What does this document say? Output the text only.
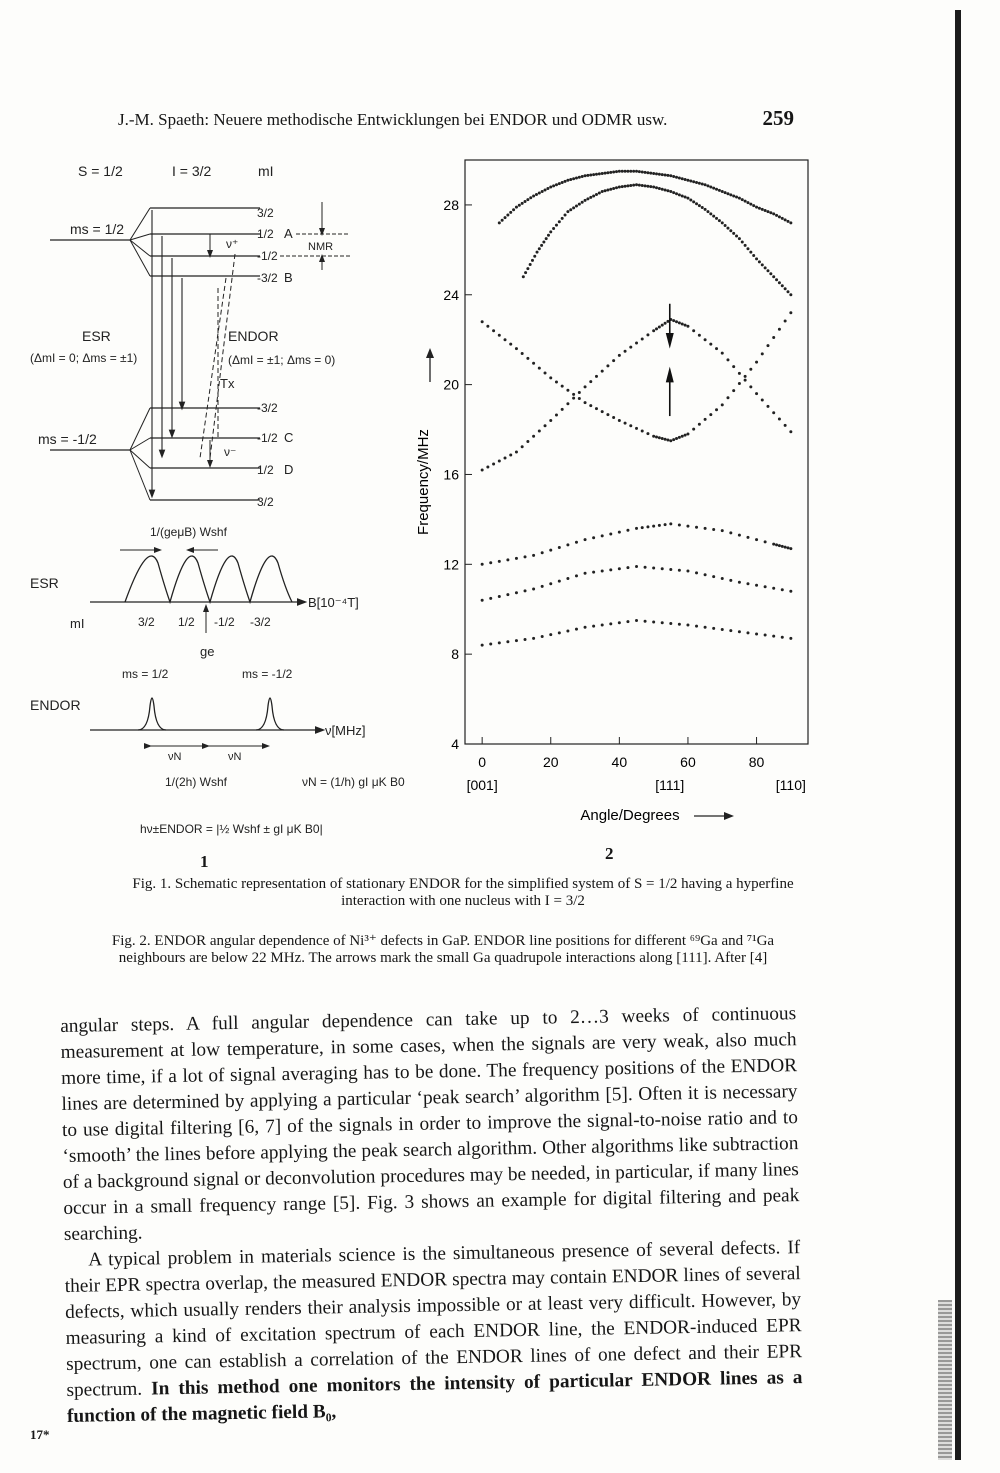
J.-M. Spaeth: Neuere methodische Entwicklungen bei ENDOR und ODMR usw.	259
S = 1/2	I = 3/2	mI
ms = 1/2
3/2
1/2
-1/2
-3/2
A
B
NMR
ν⁺
ESR
(ΔmI = 0; Δms = ±1)
ENDOR
(ΔmI = ±1; Δms = 0)
Tx
ms = -1/2
-3/2
-1/2
1/2
3/2
C
D
ν⁻
1/(geμB) Wshf
ESR
B[10⁻⁴T]
mI	3/2 1/2 -1/2 -3/2
ge
ms = 1/2	ms = -1/2
ENDOR
ν[MHz]
νN	νN
1/(2h) Wshf	νN = (1/h) gI μK B0
hν±ENDOR = |½ Wshf ± gI μK B0|
1
4
8
12
16
20
24
28
0	20	40	60	80
[001]	[111]	[110]
Frequency/MHz
Angle/Degrees
2
Fig. 1. Schematic representation of stationary ENDOR for the simplified system of S = 1/2 having a hyperfine interaction with one nucleus with I = 3/2
Fig. 2. ENDOR angular dependence of Ni³⁺ defects in GaP. ENDOR line positions for different ⁶⁹Ga and ⁷¹Ga neighbours are below 22 MHz. The arrows mark the small Ga quadrupole interactions along [111]. After [4]

angular steps. A full angular dependence can take up to 2…3 weeks of continuous measurement at low temperature, in some cases, when the signals are very weak, also much more time, if a lot of signal averaging has to be done. The frequency positions of the ENDOR lines are determined by applying a particular ‘peak search’ algorithm [5]. Often it is necessary to use digital filtering [6, 7] of the signals in order to improve the signal-to-noise ratio and to ‘smooth’ the lines before applying the peak search algorithm. Other algorithms like subtraction of a background signal or deconvolution procedures may be needed, in particular, if many lines occur in a small frequency range [5]. Fig. 3 shows an example for digital filtering and peak searching.

A typical problem in materials science is the simultaneous presence of several defects. If their EPR spectra overlap, the measured ENDOR spectra may contain ENDOR lines of several defects, which usually renders their analysis impossible or at least very difficult. However, by measuring a kind of excitation spectrum of each ENDOR line, the ENDOR-induced EPR spectrum, one can establish a correlation of the ENDOR lines of one defect and their EPR spectrum. In this method one monitors the intensity of particular ENDOR lines as a function of the magnetic field B₀,

17*
